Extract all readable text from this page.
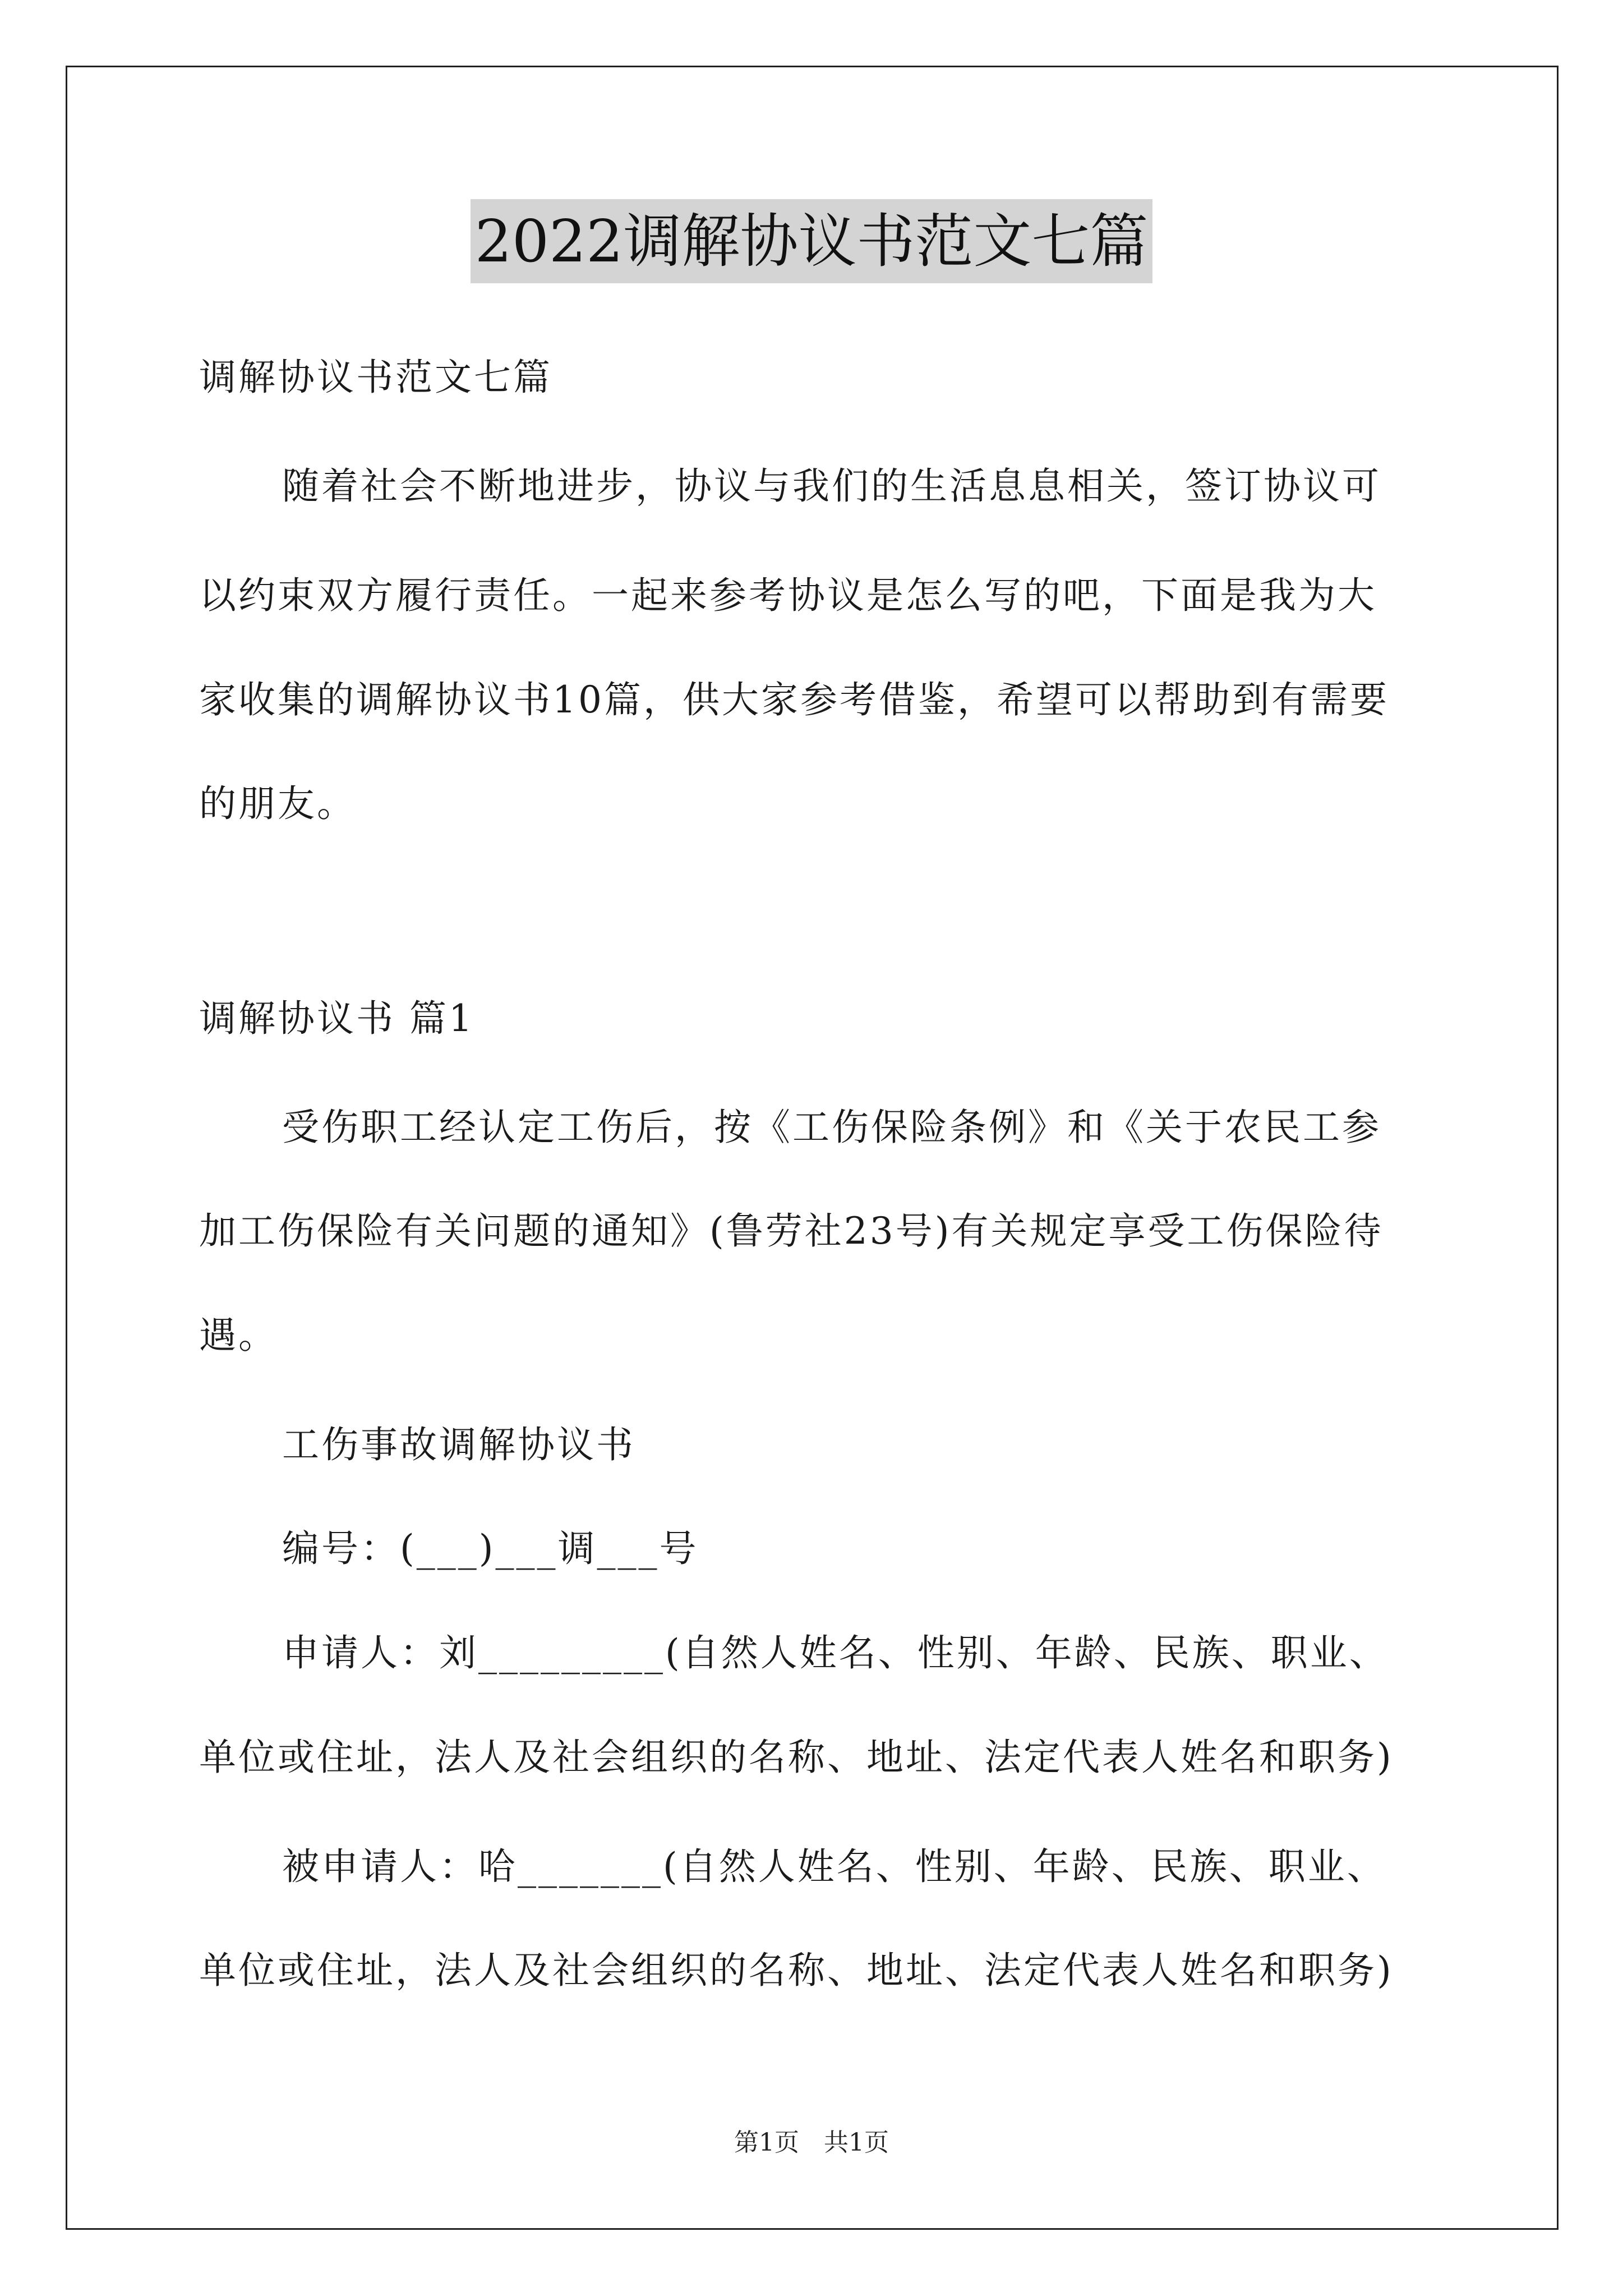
2022调解协议书范文七篇
调解协议书范文七篇
随着社会不断地进步，协议与我们的生活息息相关，签订协议可
以约束双方履行责任。一起来参考协议是怎么写的吧，下面是我为大
家收集的调解协议书10篇，供大家参考借鉴，希望可以帮助到有需要
的朋友。
调解协议书 篇1
受伤职工经认定工伤后，按《工伤保险条例》和《关于农民工参
加工伤保险有关问题的通知》(鲁劳社23号)有关规定享受工伤保险待
遇。
工伤事故调解协议书
编号：(___)___调___号
申请人：刘_________(自然人姓名、性别、年龄、民族、职业、
单位或住址，法人及社会组织的名称、地址、法定代表人姓名和职务)
被申请人：哈_______(自然人姓名、性别、年龄、民族、职业、
单位或住址，法人及社会组织的名称、地址、法定代表人姓名和职务)
第1页　共1页
